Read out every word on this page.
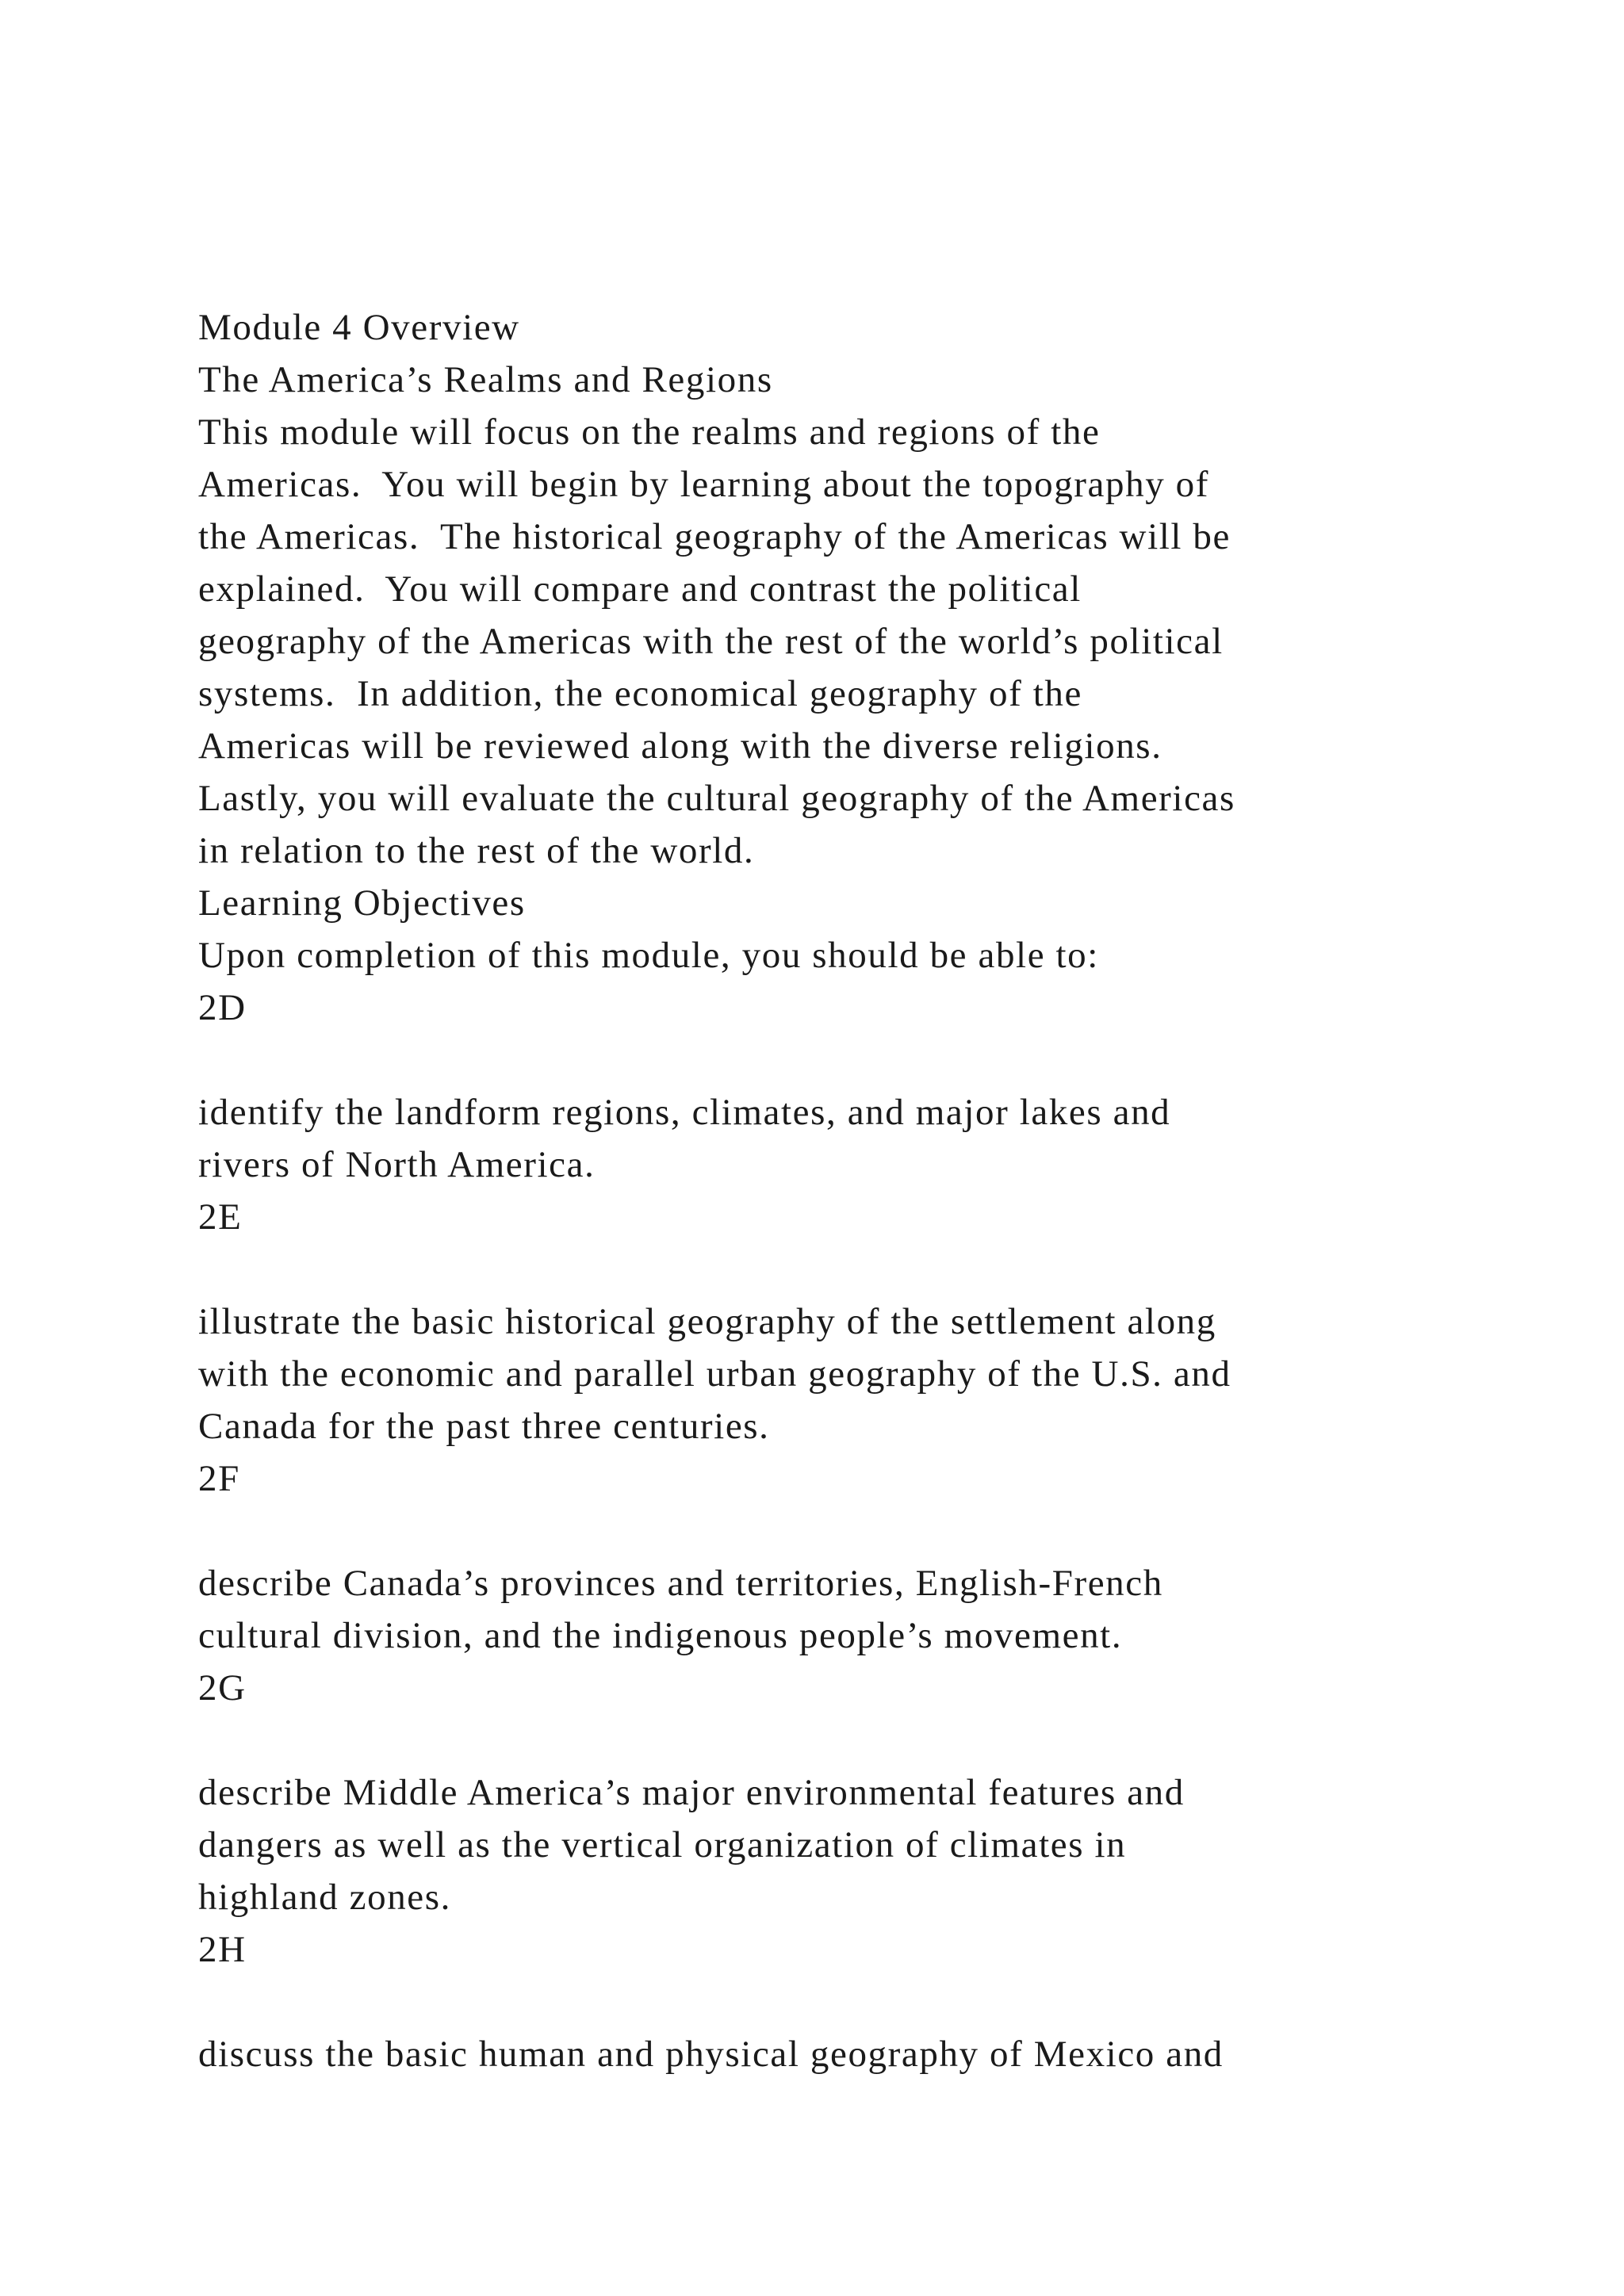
Module 4 Overview
The America’s Realms and Regions
This module will focus on the realms and regions of the
Americas.  You will begin by learning about the topography of
the Americas.  The historical geography of the Americas will be
explained.  You will compare and contrast the political
geography of the Americas with the rest of the world’s political
systems.  In addition, the economical geography of the
Americas will be reviewed along with the diverse religions.
Lastly, you will evaluate the cultural geography of the Americas
in relation to the rest of the world.
Learning Objectives
Upon completion of this module, you should be able to:
2D
identify the landform regions, climates, and major lakes and
rivers of North America.
2E
illustrate the basic historical geography of the settlement along
with the economic and parallel urban geography of the U.S. and
Canada for the past three centuries.
2F
describe Canada’s provinces and territories, English-French
cultural division, and the indigenous people’s movement.
2G
describe Middle America’s major environmental features and
dangers as well as the vertical organization of climates in
highland zones.
2H
discuss the basic human and physical geography of Mexico and
